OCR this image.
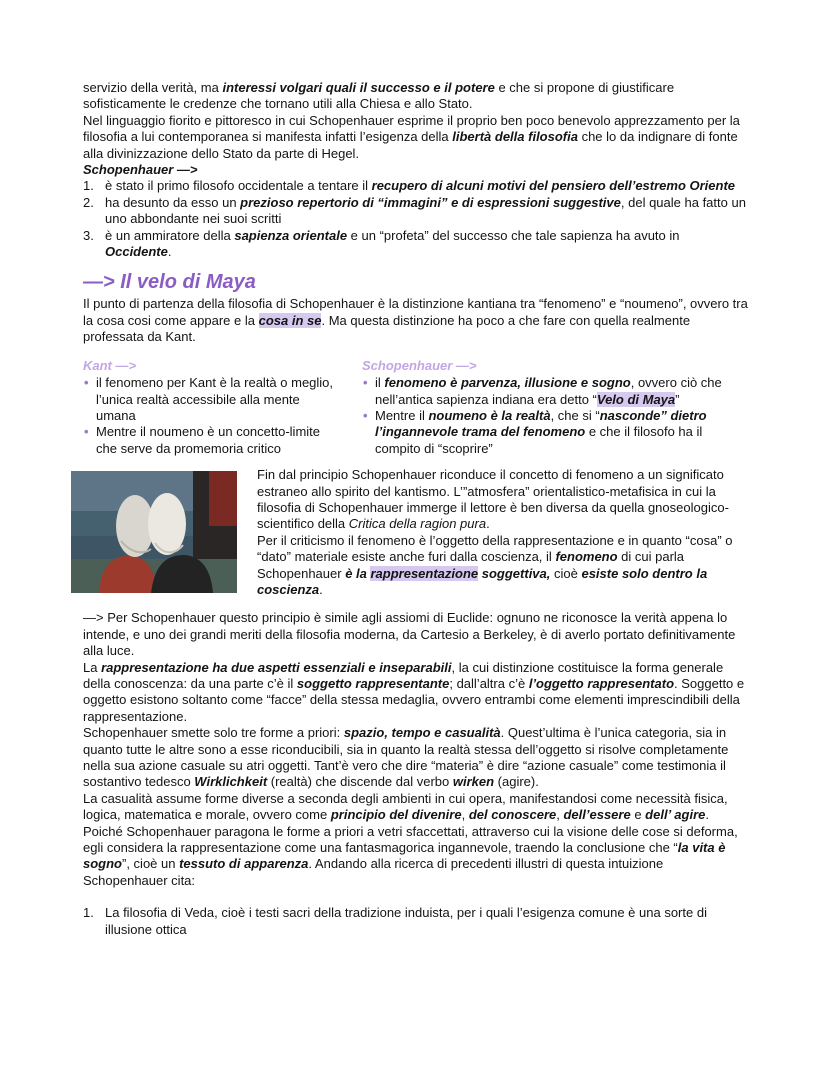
servizio della verità, ma interessi volgari quali il successo e il potere e che si propone di giustificare sofisticamente le credenze che tornano utili alla Chiesa e allo Stato.

Nel linguaggio fiorito e pittoresco in cui Schopenhauer esprime il proprio ben poco benevolo apprezzamento per la filosofia a lui contemporanea si manifesta infatti l’esigenza della libertà della filosofia che lo da indignare di fonte alla divinizzazione dello Stato da parte di Hegel.

Schopenhauer —>

1. è stato il primo filosofo occidentale a tentare il recupero di alcuni motivi del pensiero dell’estremo Oriente
2. ha desunto da esso un prezioso repertorio di “immagini” e di espressioni suggestive, del quale ha fatto un uno abbondante nei suoi scritti
3. è un ammiratore della sapienza orientale e un “profeta” del successo che tale sapienza ha avuto in Occidente.
—> Il velo di Maya

Il punto di partenza della filosofia di Schopenhauer è la distinzione kantiana tra “fenomeno” e “noumeno”, ovvero tra la cosa cosi come appare e la cosa in se. Ma questa distinzione ha poco a che fare con quella realmente professata da Kant.

Kant —>
• il fenomeno per Kant è la realtà o meglio, l’unica realtà accessibile alla mente umana
• Mentre il noumeno è un concetto-limite che serve da promemoria critico
Schopenhauer —>
• il fenomeno è parvenza, illusione e sogno, ovvero ciò che nell’antica sapienza indiana era detto “Velo di Maya”
• Mentre il noumeno è la realtà, che si “nasconde” dietro l’ingannevole trama del fenomeno e che il filosofo ha il compito di “scoprire”

Fin dal principio Schopenhauer riconduce il concetto di fenomeno a un significato estraneo allo spirito del kantismo. L’”atmosfera” orientalistico-metafisica in cui la filosofia di Schopenhauer immerge il lettore è ben diversa da quella gnoseologico-scientifico della Critica della ragion pura.

Per il criticismo il fenomeno è l’oggetto della rappresentazione e in quanto “cosa” o “dato” materiale esiste anche furi dalla coscienza, il fenomeno di cui parla Schopenhauer è la rappresentazione soggettiva, cioè esiste solo dentro la coscienza.

—> Per Schopenhauer questo principio è simile agli assiomi di Euclide: ognuno ne riconosce la verità appena lo intende, e uno dei grandi meriti della filosofia moderna, da Cartesio a Berkeley, è di averlo portato definitivamente alla luce.

La rappresentazione ha due aspetti essenziali e inseparabili, la cui distinzione costituisce la forma generale della conoscenza: da una parte c’è il soggetto rappresentante; dall’altra c’è l’oggetto rappresentato. Soggetto e oggetto esistono soltanto come “facce” della stessa medaglia, ovvero entrambi come elementi imprescindibili della rappresentazione.

Schopenhauer smette solo tre forme a priori: spazio, tempo e casualità. Quest’ultima è l’unica categoria, sia in quanto tutte le altre sono a esse riconducibili, sia in quanto la realtà stessa dell’oggetto si risolve completamente nella sua azione casuale su atri oggetti. Tant’è vero che dire “materia” è dire “azione casuale” come testimonia il sostantivo tedesco Wirklichkeit (realtà) che discende dal verbo wirken (agire).

La casualità assume forme diverse a seconda degli ambienti in cui opera, manifestandosi come necessità fisica, logica, matematica e morale, ovvero come principio del divenire, del conoscere, dell’essere e dell’ agire.

Poiché Schopenhauer paragona le forme a priori a vetri sfaccettati, attraverso cui la visione delle cose si deforma, egli considera la rappresentazione come una fantasmagorica ingannevole, traendo la conclusione che “la vita è sogno”, cioè un tessuto di apparenza. Andando alla ricerca di precedenti illustri di questa intuizione Schopenhauer cita:

1. La filosofia di Veda, cioè i testi sacri della tradizione induista, per i quali l’esigenza comune è una sorte di illusione ottica
